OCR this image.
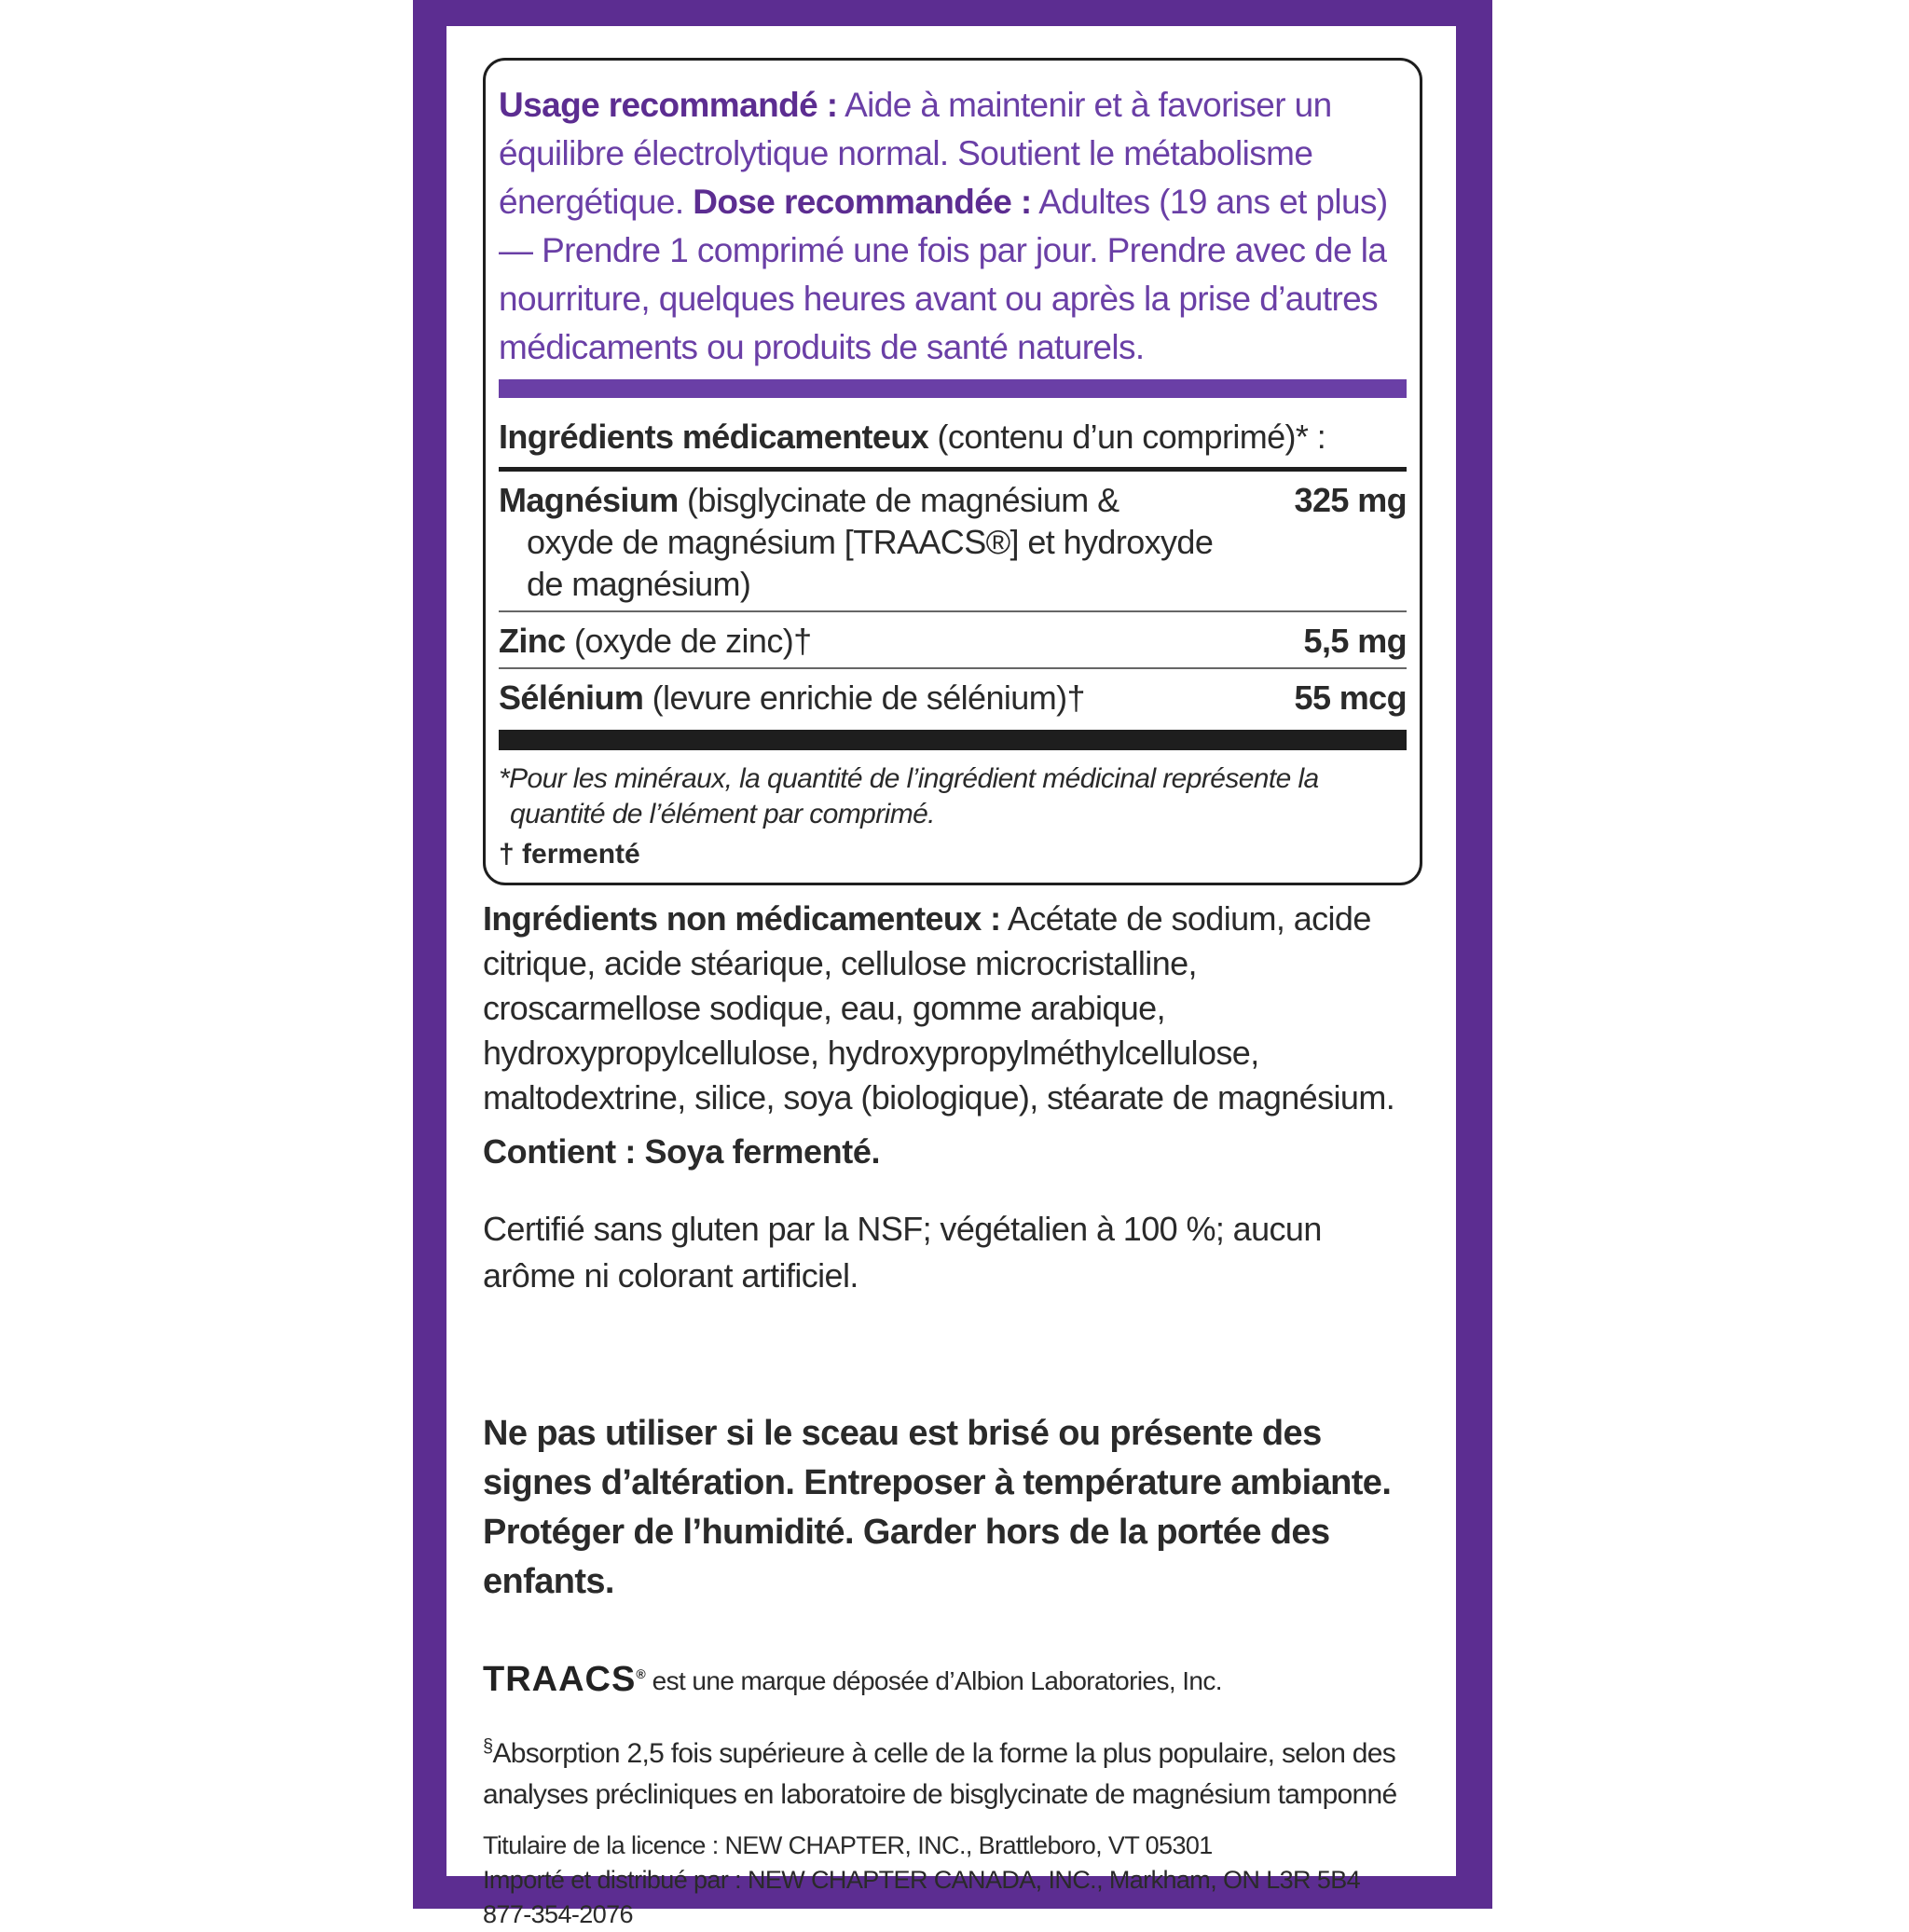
Usage recommandé : Aide à maintenir et à favoriser un équilibre électrolytique normal. Soutient le métabolisme énergétique. Dose recommandée : Adultes (19 ans et plus) — Prendre 1 comprimé une fois par jour. Prendre avec de la nourriture, quelques heures avant ou après la prise d’autres médicaments ou produits de santé naturels.
Ingrédients médicamenteux (contenu d’un comprimé)* :
Magnésium (bisglycinate de magnésium &
oxyde de magnésium [TRAACS®] et hydroxyde
de magnésium)
325 mg
Zinc (oxyde de zinc)†	5,5 mg
Sélénium (levure enrichie de sélénium)†	55 mcg
*Pour les minéraux, la quantité de l’ingrédient médicinal représente la
quantité de l’élément par comprimé.
† fermenté
Ingrédients non médicamenteux : Acétate de sodium, acide citrique, acide stéarique, cellulose microcristalline, croscarmellose sodique, eau, gomme arabique, hydroxypropylcellulose, hydroxypropylméthylcellulose, maltodextrine, silice, soya (biologique), stéarate de magnésium.
Contient : Soya fermenté.
Certifié sans gluten par la NSF; végétalien à 100 %; aucun arôme ni colorant artificiel.
Ne pas utiliser si le sceau est brisé ou présente des signes d’altération. Entreposer à température ambiante. Protéger de l’humidité. Garder hors de la portée des enfants.
TRAACS® est une marque déposée d’Albion Laboratories, Inc.
§Absorption 2,5 fois supérieure à celle de la forme la plus populaire, selon des analyses précliniques en laboratoire de bisglycinate de magnésium tamponné
Titulaire de la licence : NEW CHAPTER, INC., Brattleboro, VT 05301
Importé et distribué par : NEW CHAPTER CANADA, INC., Markham, ON L3R 5B4
877-354-2076
